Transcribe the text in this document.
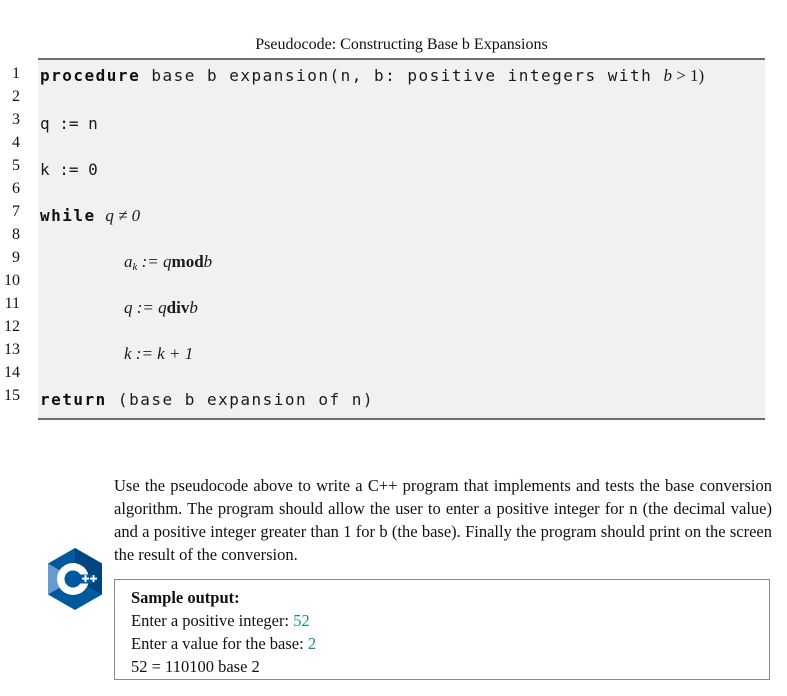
Pseudocode: Constructing Base b Expansions
1
2
3
4
5
6
7
8
9
10
11
12
13
14
15
procedure base b expansion(n, b: positive integers with b > 1)
q := n
k := 0
while q ≠ 0
$a_k$ := qmodb
q := qdivb
k := k + 1
return (base b expansion of n)
Use the pseudocode above to write a C++ program that implements and tests the base conversion algorithm. The program should allow the user to enter a positive integer for n (the decimal value) and a positive integer greater than 1 for b (the base). Finally the program should print on the screen the result of the conversion.
Sample output:
Enter a positive integer: 52
Enter a value for the base: 2
52 = 110100 base 2
